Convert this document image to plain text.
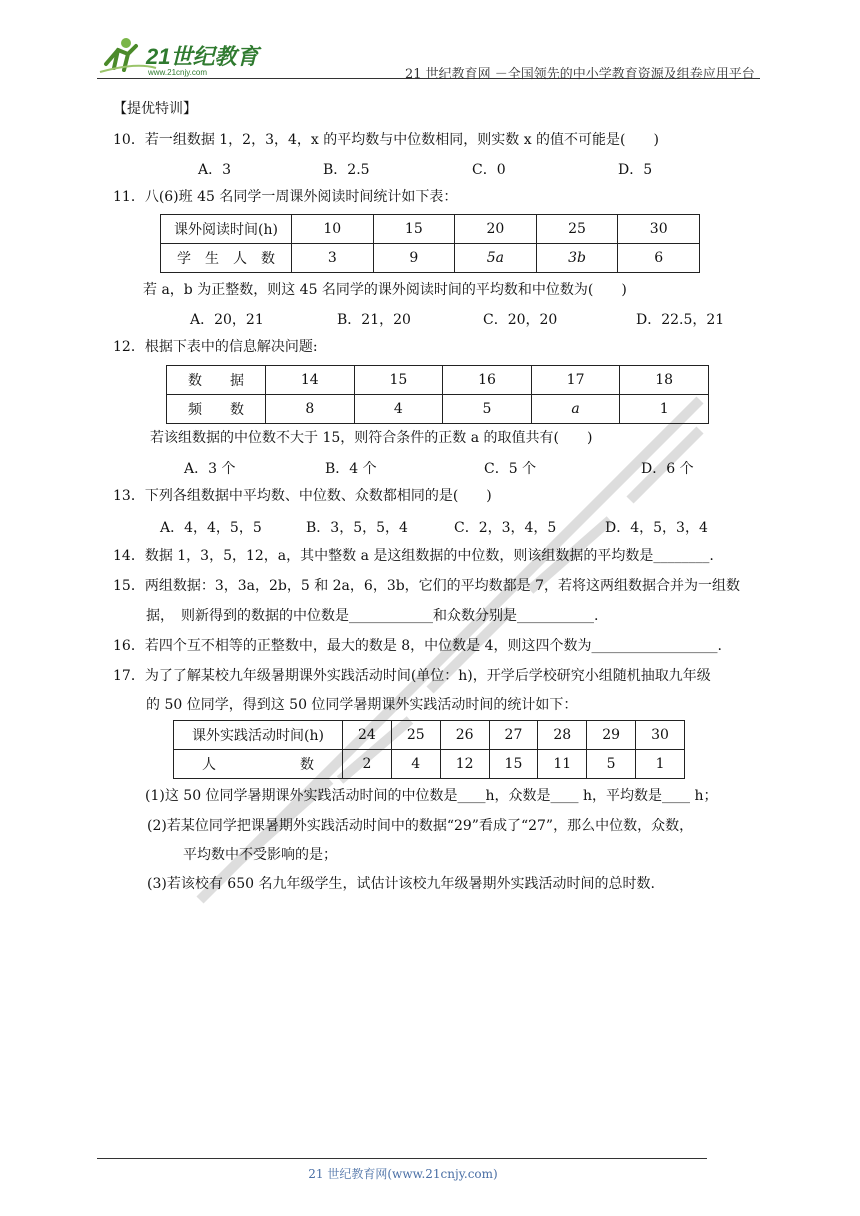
21世纪教育
www.21cnjy.com	21 世纪教育网 －全国领先的中小学教育资源及组卷应用平台
【提优特训】
10．若一组数据 1，2，3，4，x 的平均数与中位数相同，则实数 x 的值不可能是(　　)
A．3	B．2.5	C．0	D．5
11．八(6)班 45 名同学一周课外阅读时间统计如下表：
课外阅读时间(h)	10	15	20	25	30
学　生　人　数	3	9	5a	3b	6
若 a，b 为正整数，则这 45 名同学的课外阅读时间的平均数和中位数为(　　)
A．20，21	B．21，20	C．20，20	D．22.5，21
12．根据下表中的信息解决问题:
数　　据	14	15	16	17	18
频　　数	8	4	5	a	1
若该组数据的中位数不大于 15，则符合条件的正数 a 的取值共有(　　)
A．3 个	B．4 个	C．5 个	D．6 个
13．下列各组数据中平均数、中位数、众数都相同的是(　　)
A．4，4，5，5	B．3，5，5，4	C．2，3，4，5	D．4，5，3，4
14．数据 1，3，5，12，a，其中整数 a 是这组数据的中位数，则该组数据的平均数是________.
15．两组数据：3，3a，2b，5 和 2a，6，3b，它们的平均数都是 7，若将这两组数据合并为一组数
据，　则新得到的数据的中位数是____________和众数分别是___________.
16．若四个互不相等的正整数中，最大的数是 8，中位数是 4，则这四个数为__________________.
17．为了了解某校九年级暑期课外实践活动时间(单位：h)，开学后学校研究小组随机抽取九年级
的 50 位同学，得到这 50 位同学暑期课外实践活动时间的统计如下：
课外实践活动时间(h)	24	25	26	27	28	29	30
人　　　　　　数	2	4	12	15	11	5	1
(1)这 50 位同学暑期课外实践活动时间的中位数是____h，众数是____ h，平均数是____ h；
(2)若某位同学把课暑期外实践活动时间中的数据“29”看成了“27”，那么中位数，众数，
平均数中不受影响的是；
(3)若该校有 650 名九年级学生，试估计该校九年级暑期外实践活动时间的总时数.
21 世纪教育网(www.21cnjy.com)
